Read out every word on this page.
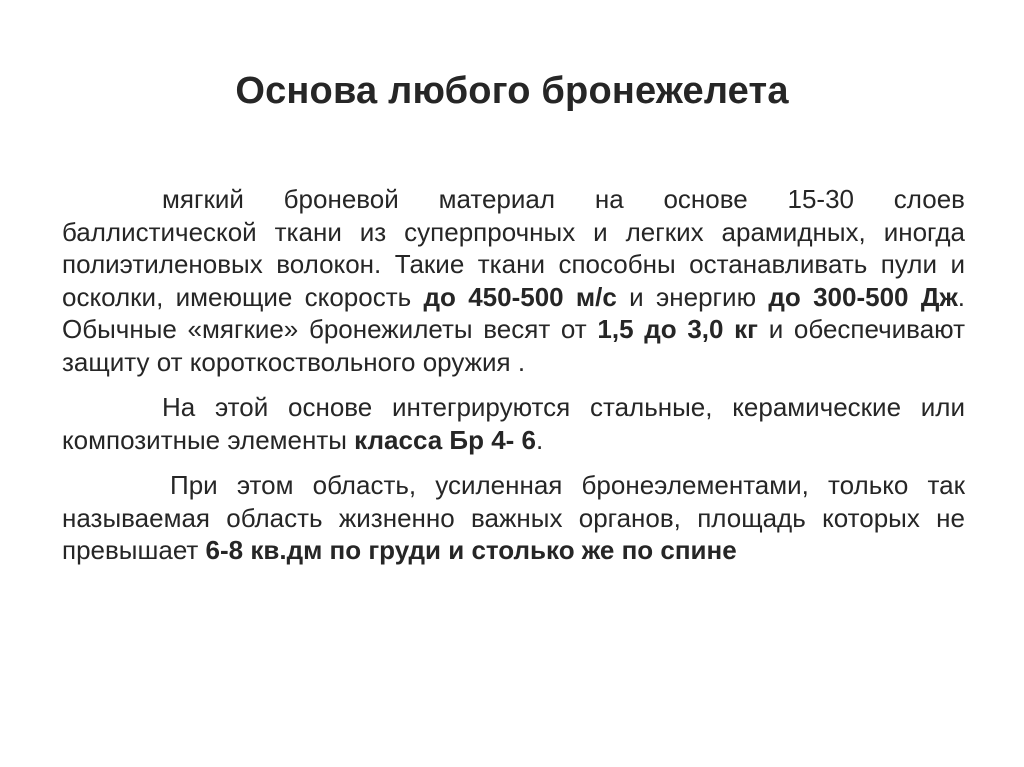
Основа любого бронежелета

мягкий броневой материал на основе 15-30 слоев баллистической ткани из суперпрочных и легких арамидных, иногда полиэтиленовых волокон. Такие ткани способны останавливать пули и осколки, имеющие скорость до 450-500 м/с и энергию до 300-500 Дж. Обычные «мягкие» бронежилеты весят от 1,5 до 3,0 кг и обеспечивают защиту от короткоствольного оружия .

На этой основе интегрируются стальные, керамические или композитные элементы класса Бр 4- 6.

При этом область, усиленная бронеэлементами, только так называемая область жизненно важных органов, площадь которых не превышает 6-8 кв.дм по груди и столько же по спине
